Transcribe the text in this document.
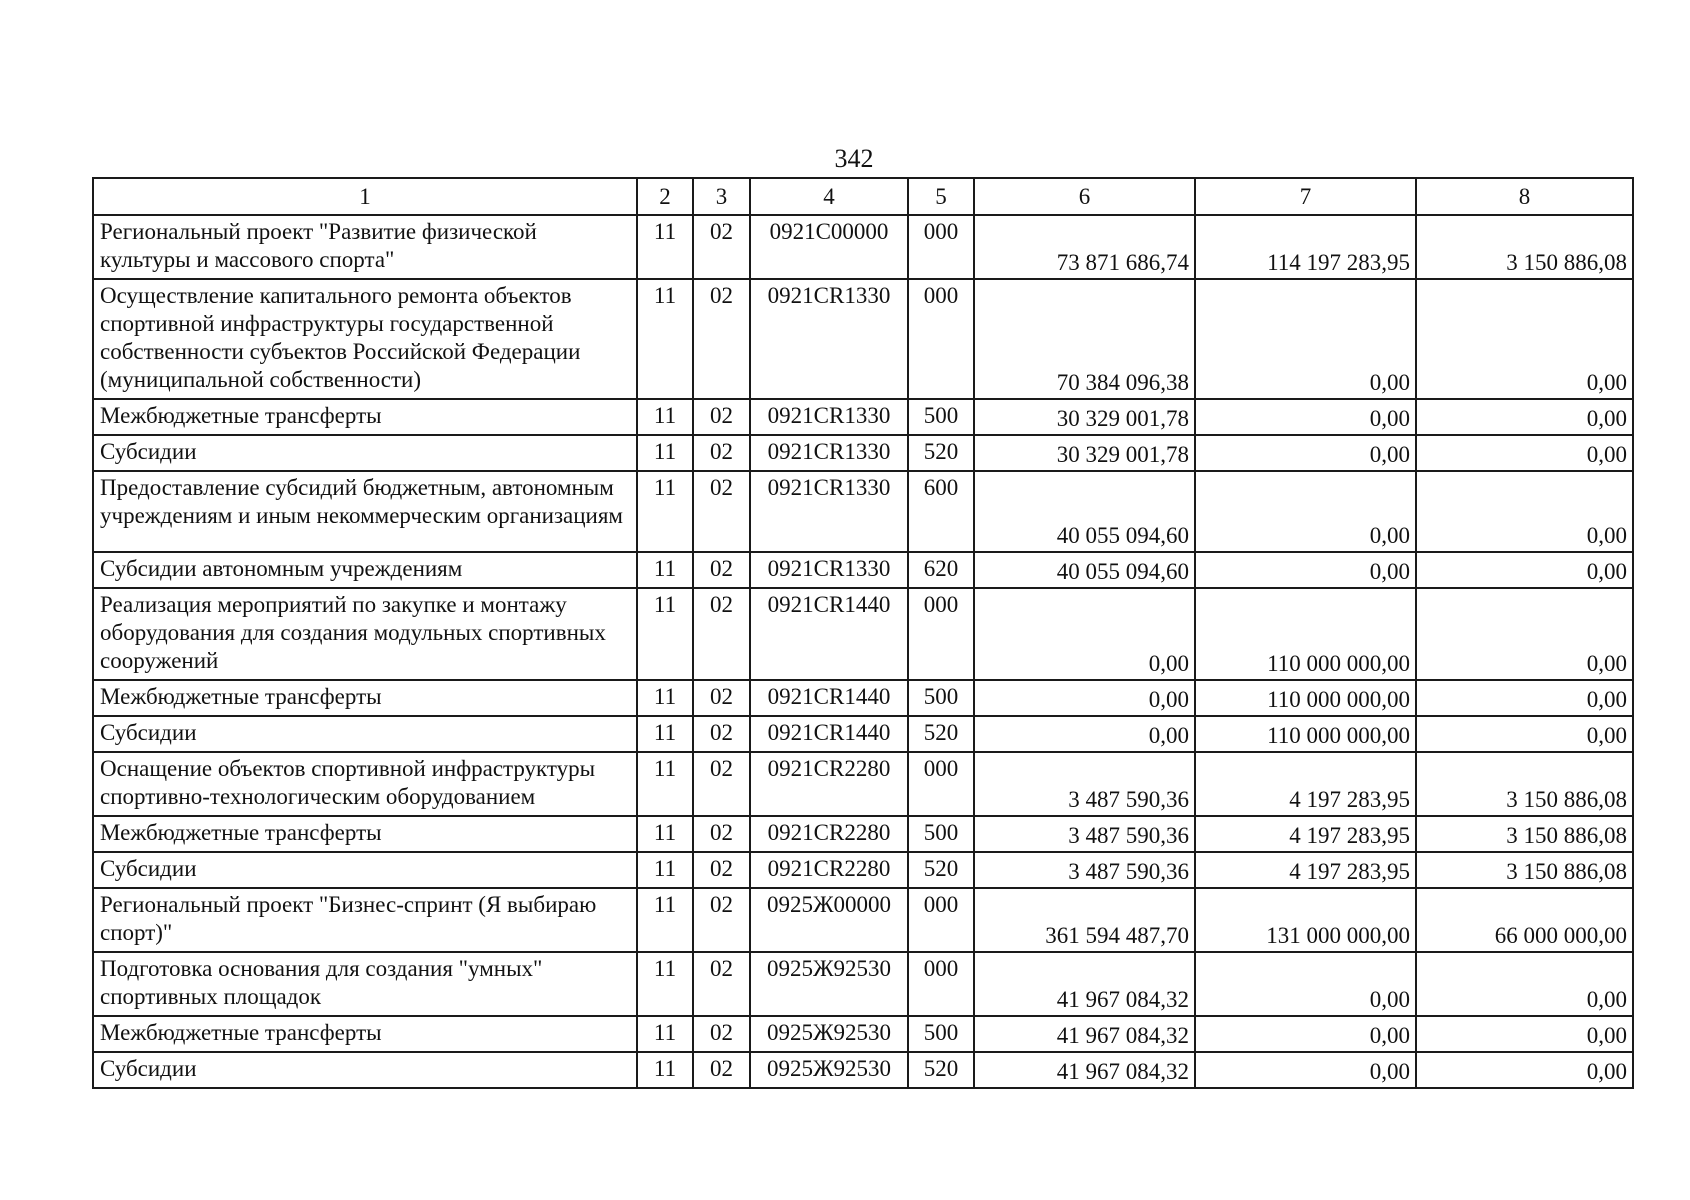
342
1	2	3	4	5	6	7	8
Региональный проект "Развитие физической культуры и массового спорта"	11	02	0921С00000	000	73 871 686,74	114 197 283,95	3 150 886,08
Осуществление капитального ремонта объектов спортивной инфраструктуры государственной собственности субъектов Российской Федерации (муниципальной собственности)	11	02	0921СR1330	000	70 384 096,38	0,00	0,00
Межбюджетные трансферты	11	02	0921СR1330	500	30 329 001,78	0,00	0,00
Субсидии	11	02	0921СR1330	520	30 329 001,78	0,00	0,00
Предоставление субсидий бюджетным, автономным учреждениям и иным некоммерческим организациям	11	02	0921СR1330	600	40 055 094,60	0,00	0,00
Субсидии автономным учреждениям	11	02	0921СR1330	620	40 055 094,60	0,00	0,00
Реализация мероприятий по закупке и монтажу оборудования для создания модульных спортивных сооружений	11	02	0921СR1440	000	0,00	110 000 000,00	0,00
Межбюджетные трансферты	11	02	0921СR1440	500	0,00	110 000 000,00	0,00
Субсидии	11	02	0921СR1440	520	0,00	110 000 000,00	0,00
Оснащение объектов спортивной инфраструктуры спортивно-технологическим оборудованием	11	02	0921СR2280	000	3 487 590,36	4 197 283,95	3 150 886,08
Межбюджетные трансферты	11	02	0921СR2280	500	3 487 590,36	4 197 283,95	3 150 886,08
Субсидии	11	02	0921СR2280	520	3 487 590,36	4 197 283,95	3 150 886,08
Региональный проект "Бизнес-спринт (Я выбираю спорт)"	11	02	0925Ж00000	000	361 594 487,70	131 000 000,00	66 000 000,00
Подготовка основания для создания "умных" спортивных площадок	11	02	0925Ж92530	000	41 967 084,32	0,00	0,00
Межбюджетные трансферты	11	02	0925Ж92530	500	41 967 084,32	0,00	0,00
Субсидии	11	02	0925Ж92530	520	41 967 084,32	0,00	0,00
